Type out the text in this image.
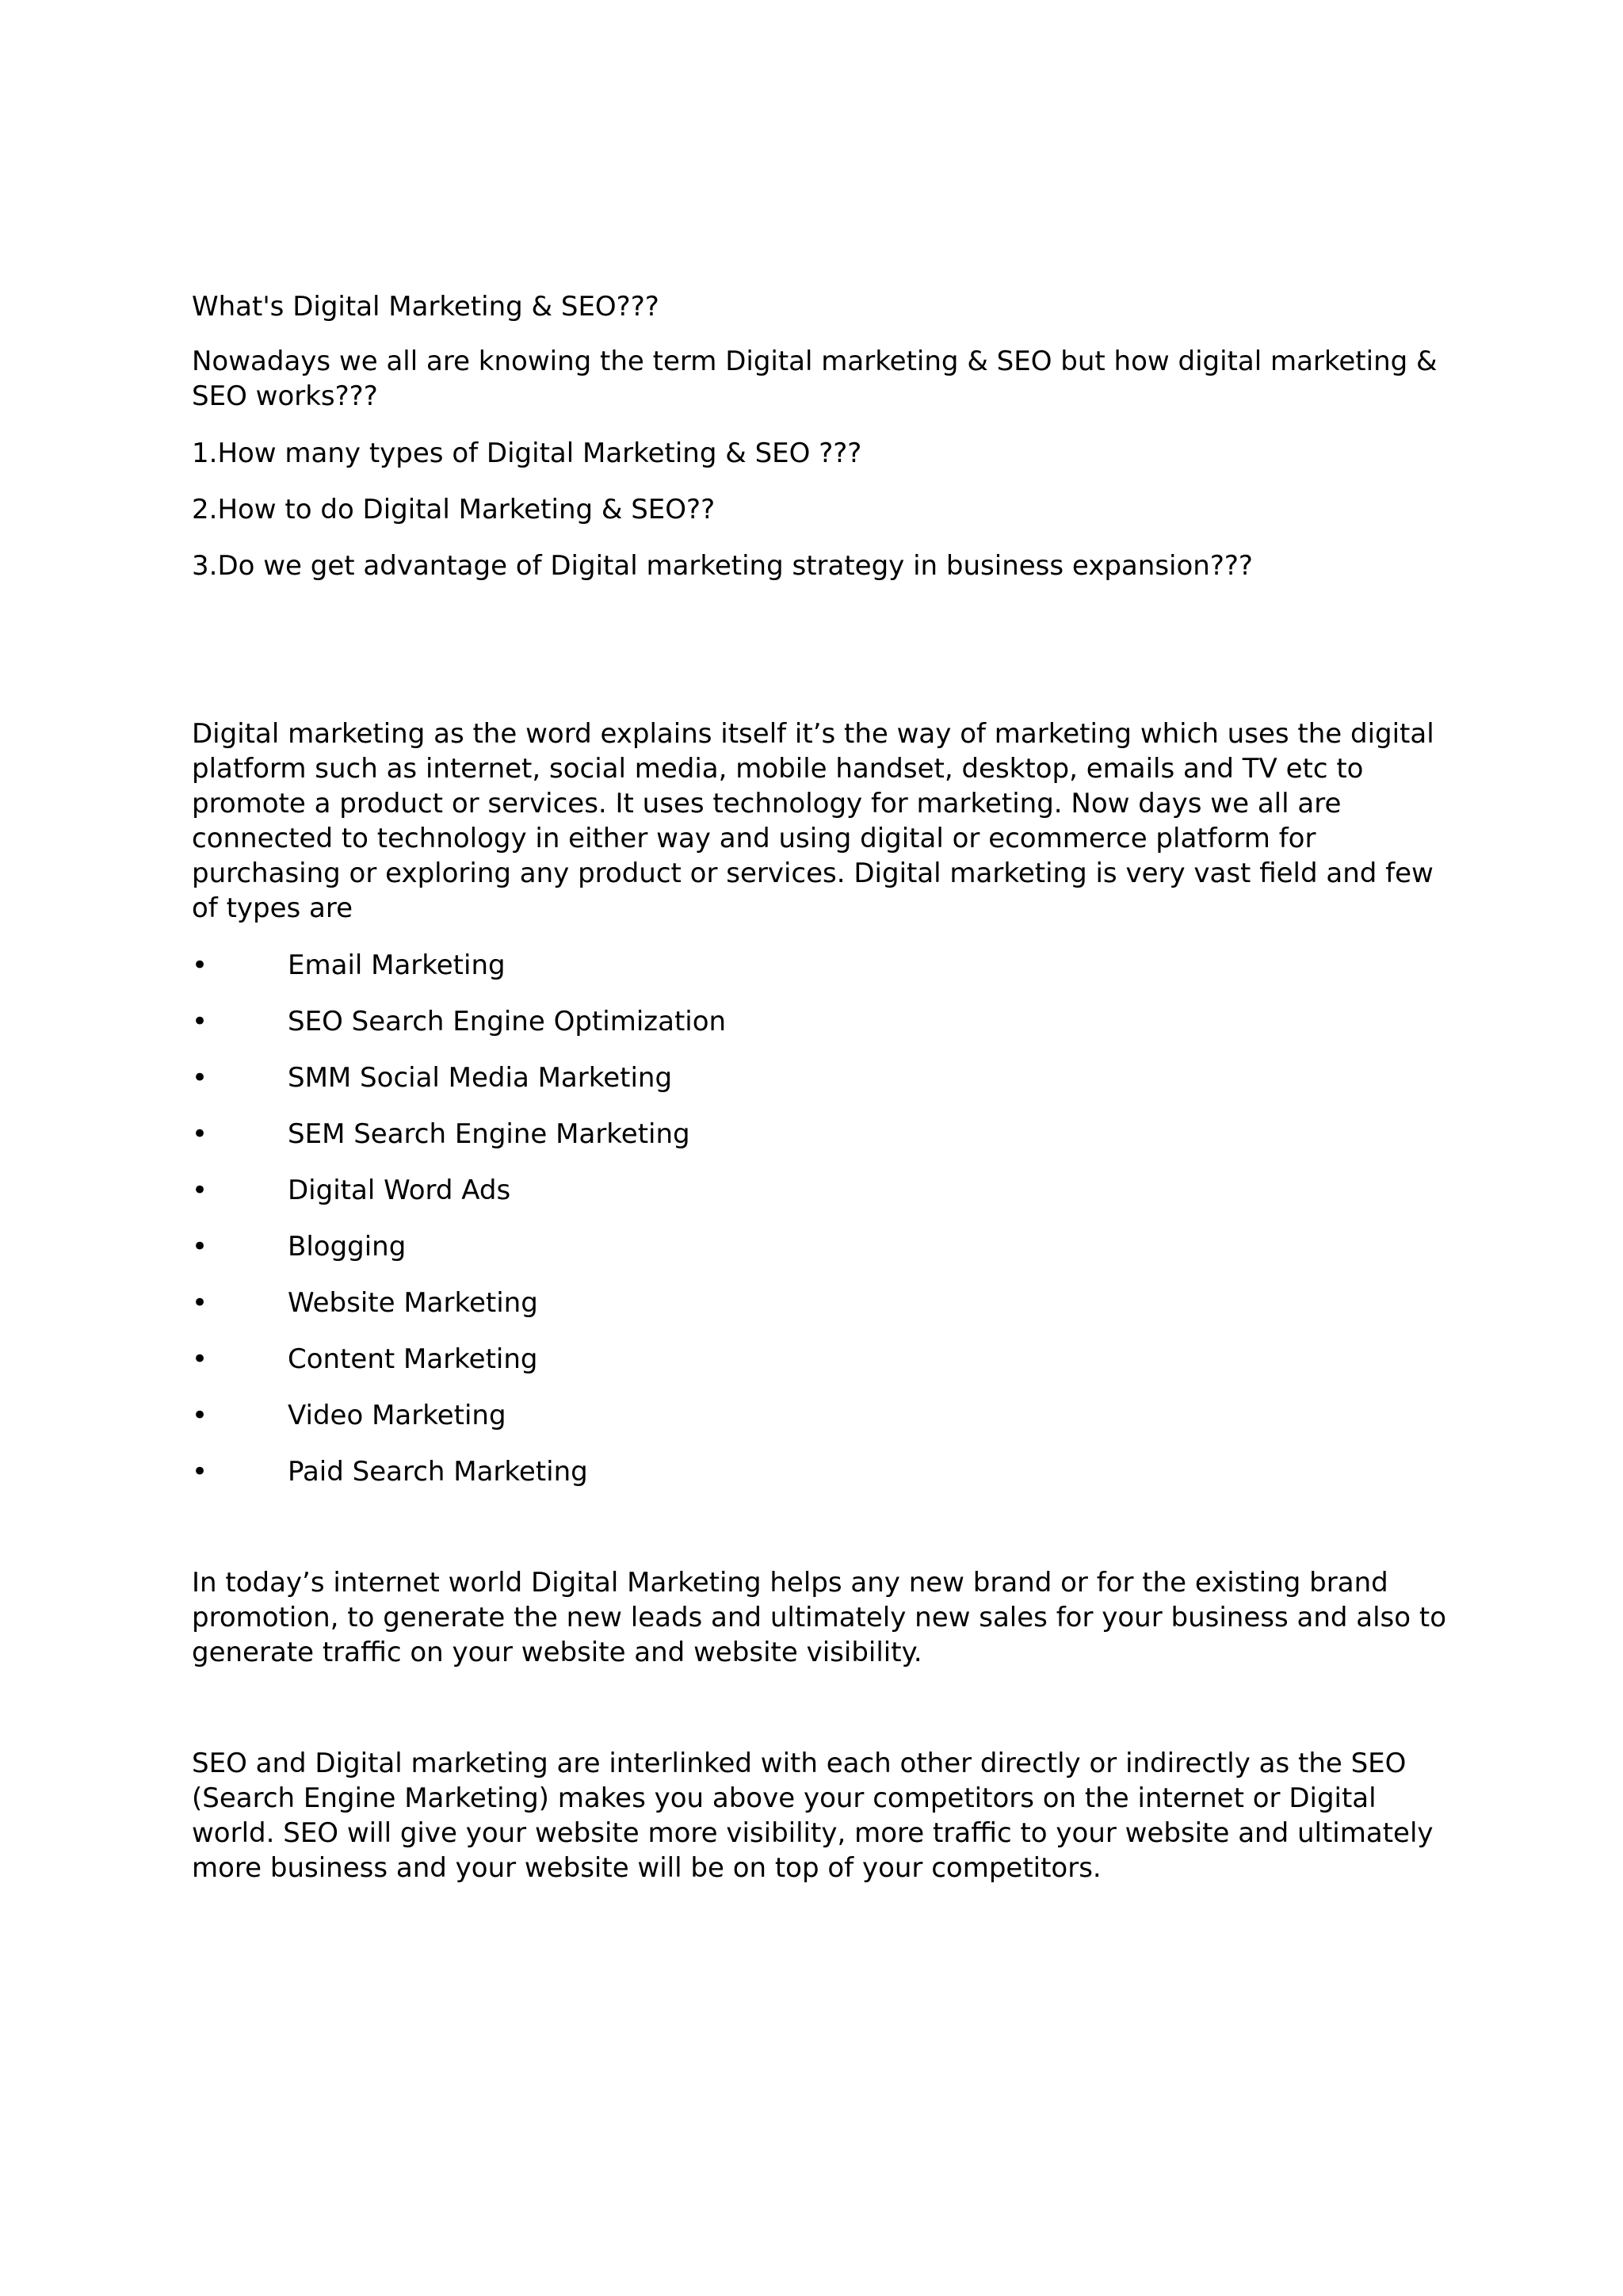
What's Digital Marketing & SEO???

Nowadays we all are knowing the term Digital marketing & SEO but how digital marketing & SEO works???

1.How many types of Digital Marketing & SEO ???

2.How to do Digital Marketing & SEO??

3.Do we get advantage of Digital marketing strategy in business expansion???

Digital marketing as the word explains itself it’s the way of marketing which uses the digital platform such as internet, social media, mobile handset, desktop, emails and TV etc to promote a product or services. It uses technology for marketing. Now days we all are connected to technology in either way and using digital or ecommerce platform for purchasing or exploring any product or services. Digital marketing is very vast field and few of types are

•	Email Marketing
•	SEO Search Engine Optimization
•	SMM Social Media Marketing
•	SEM Search Engine Marketing
•	Digital Word Ads
•	Blogging
•	Website Marketing
•	Content Marketing
•	Video Marketing
•	Paid Search Marketing

In today’s internet world Digital Marketing helps any new brand or for the existing brand promotion, to generate the new leads and ultimately new sales for your business and also to generate traffic on your website and website visibility.

SEO and Digital marketing are interlinked with each other directly or indirectly as the SEO (Search Engine Marketing) makes you above your competitors on the internet or Digital world. SEO will give your website more visibility, more traffic to your website and ultimately more business and your website will be on top of your competitors.
